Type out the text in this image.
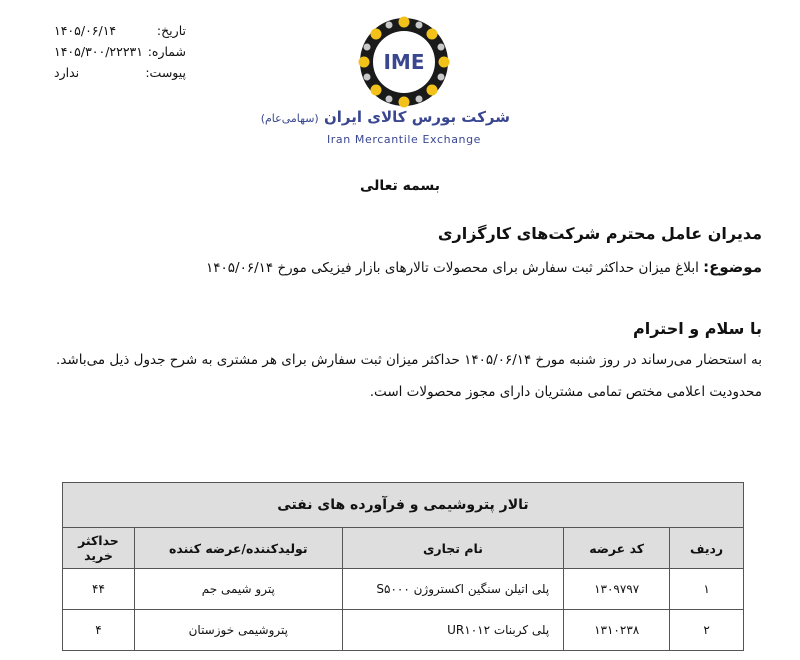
تاریخ:
۱۴۰۵/۰۶/۱۴
شماره:
۱۴۰۵/۳۰۰/۲۲۲۳۱
پیوست:
ندارد	IME
شرکت بورس کالای ایران (سهامی‌عام)
Iran Mercantile Exchange
بسمه تعالی
مدیران عامل محترم شرکت‌های کارگزاری
موضوع: ابلاغ میزان حداکثر ثبت سفارش برای محصولات تالارهای بازار فیزیکی مورخ ۱۴۰۵/۰۶/۱۴
با سلام و احترام
به استحضار می‌رساند در روز شنبه مورخ ۱۴۰۵/۰۶/۱۴ حداکثر میزان ثبت سفارش برای هر مشتری به شرح جدول ذیل می‌باشد.
محدودیت اعلامی مختص تمامی مشتریان دارای مجوز محصولات است.
تالار پتروشیمی و فرآورده های نفتی				
ردیف	کد عرضه	نام تجاری	تولیدکننده/عرضه کننده	حداکثر خرید
۱	۱۳۰۹۷۹۷	پلی اتیلن سنگین اکستروژن S۵۰۰۰	پترو شیمی جم	۴۴
۲	۱۳۱۰۲۳۸	پلی کربنات UR۱۰۱۲	پتروشیمی خوزستان	۴
